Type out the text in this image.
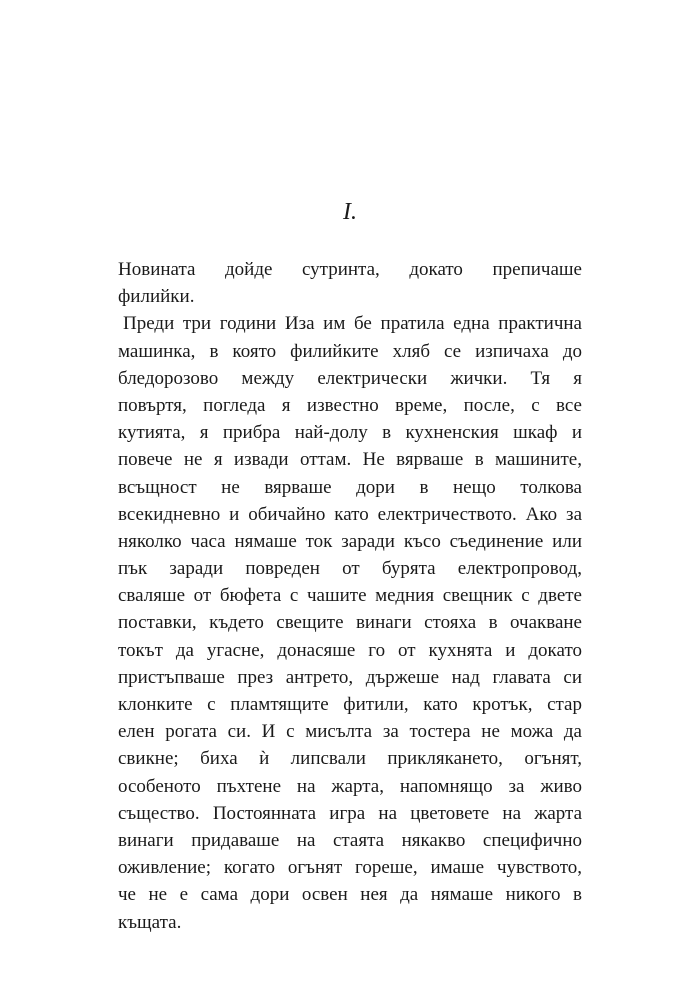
I.
Новината дойде сутринта, докато препичаше
филийки.
Преди три години Иза им бе пратила една практична
машинка, в която филийките хляб се изпичаха до
бледорозово между електрически жички. Тя я
повъртя, погледа я известно време, после, с все
кутията, я прибра най-долу в кухненския шкаф и
повече не я извади оттам. Не вярваше в машините,
всъщност не вярваше дори в нещо толкова
всекидневно и обичайно като електричеството. Ако за
няколко часа нямаше ток заради късо съединение или
пък заради повреден от бурята електропровод,
сваляше от бюфета с чашите медния свещник с двете
поставки, където свещите винаги стояха в очакване
токът да угасне, донасяше го от кухнята и докато
пристъпваше през антрето, държеше над главата си
клонките с пламтящите фитили, като кротък, стар
елен рогата си. И с мисълта за тостера не можа да
свикне; биха ѝ липсвали прикляканeто, огънят,
особеното пъхтене на жарта, напомнящо за живо
същество. Постоянната игра на цветовете на жарта
винаги придаваше на стаята някакво специфично
оживление; когато огънят гореше, имаше чувството,
че не е сама дори освен нея да нямаше никого в
къщата.
